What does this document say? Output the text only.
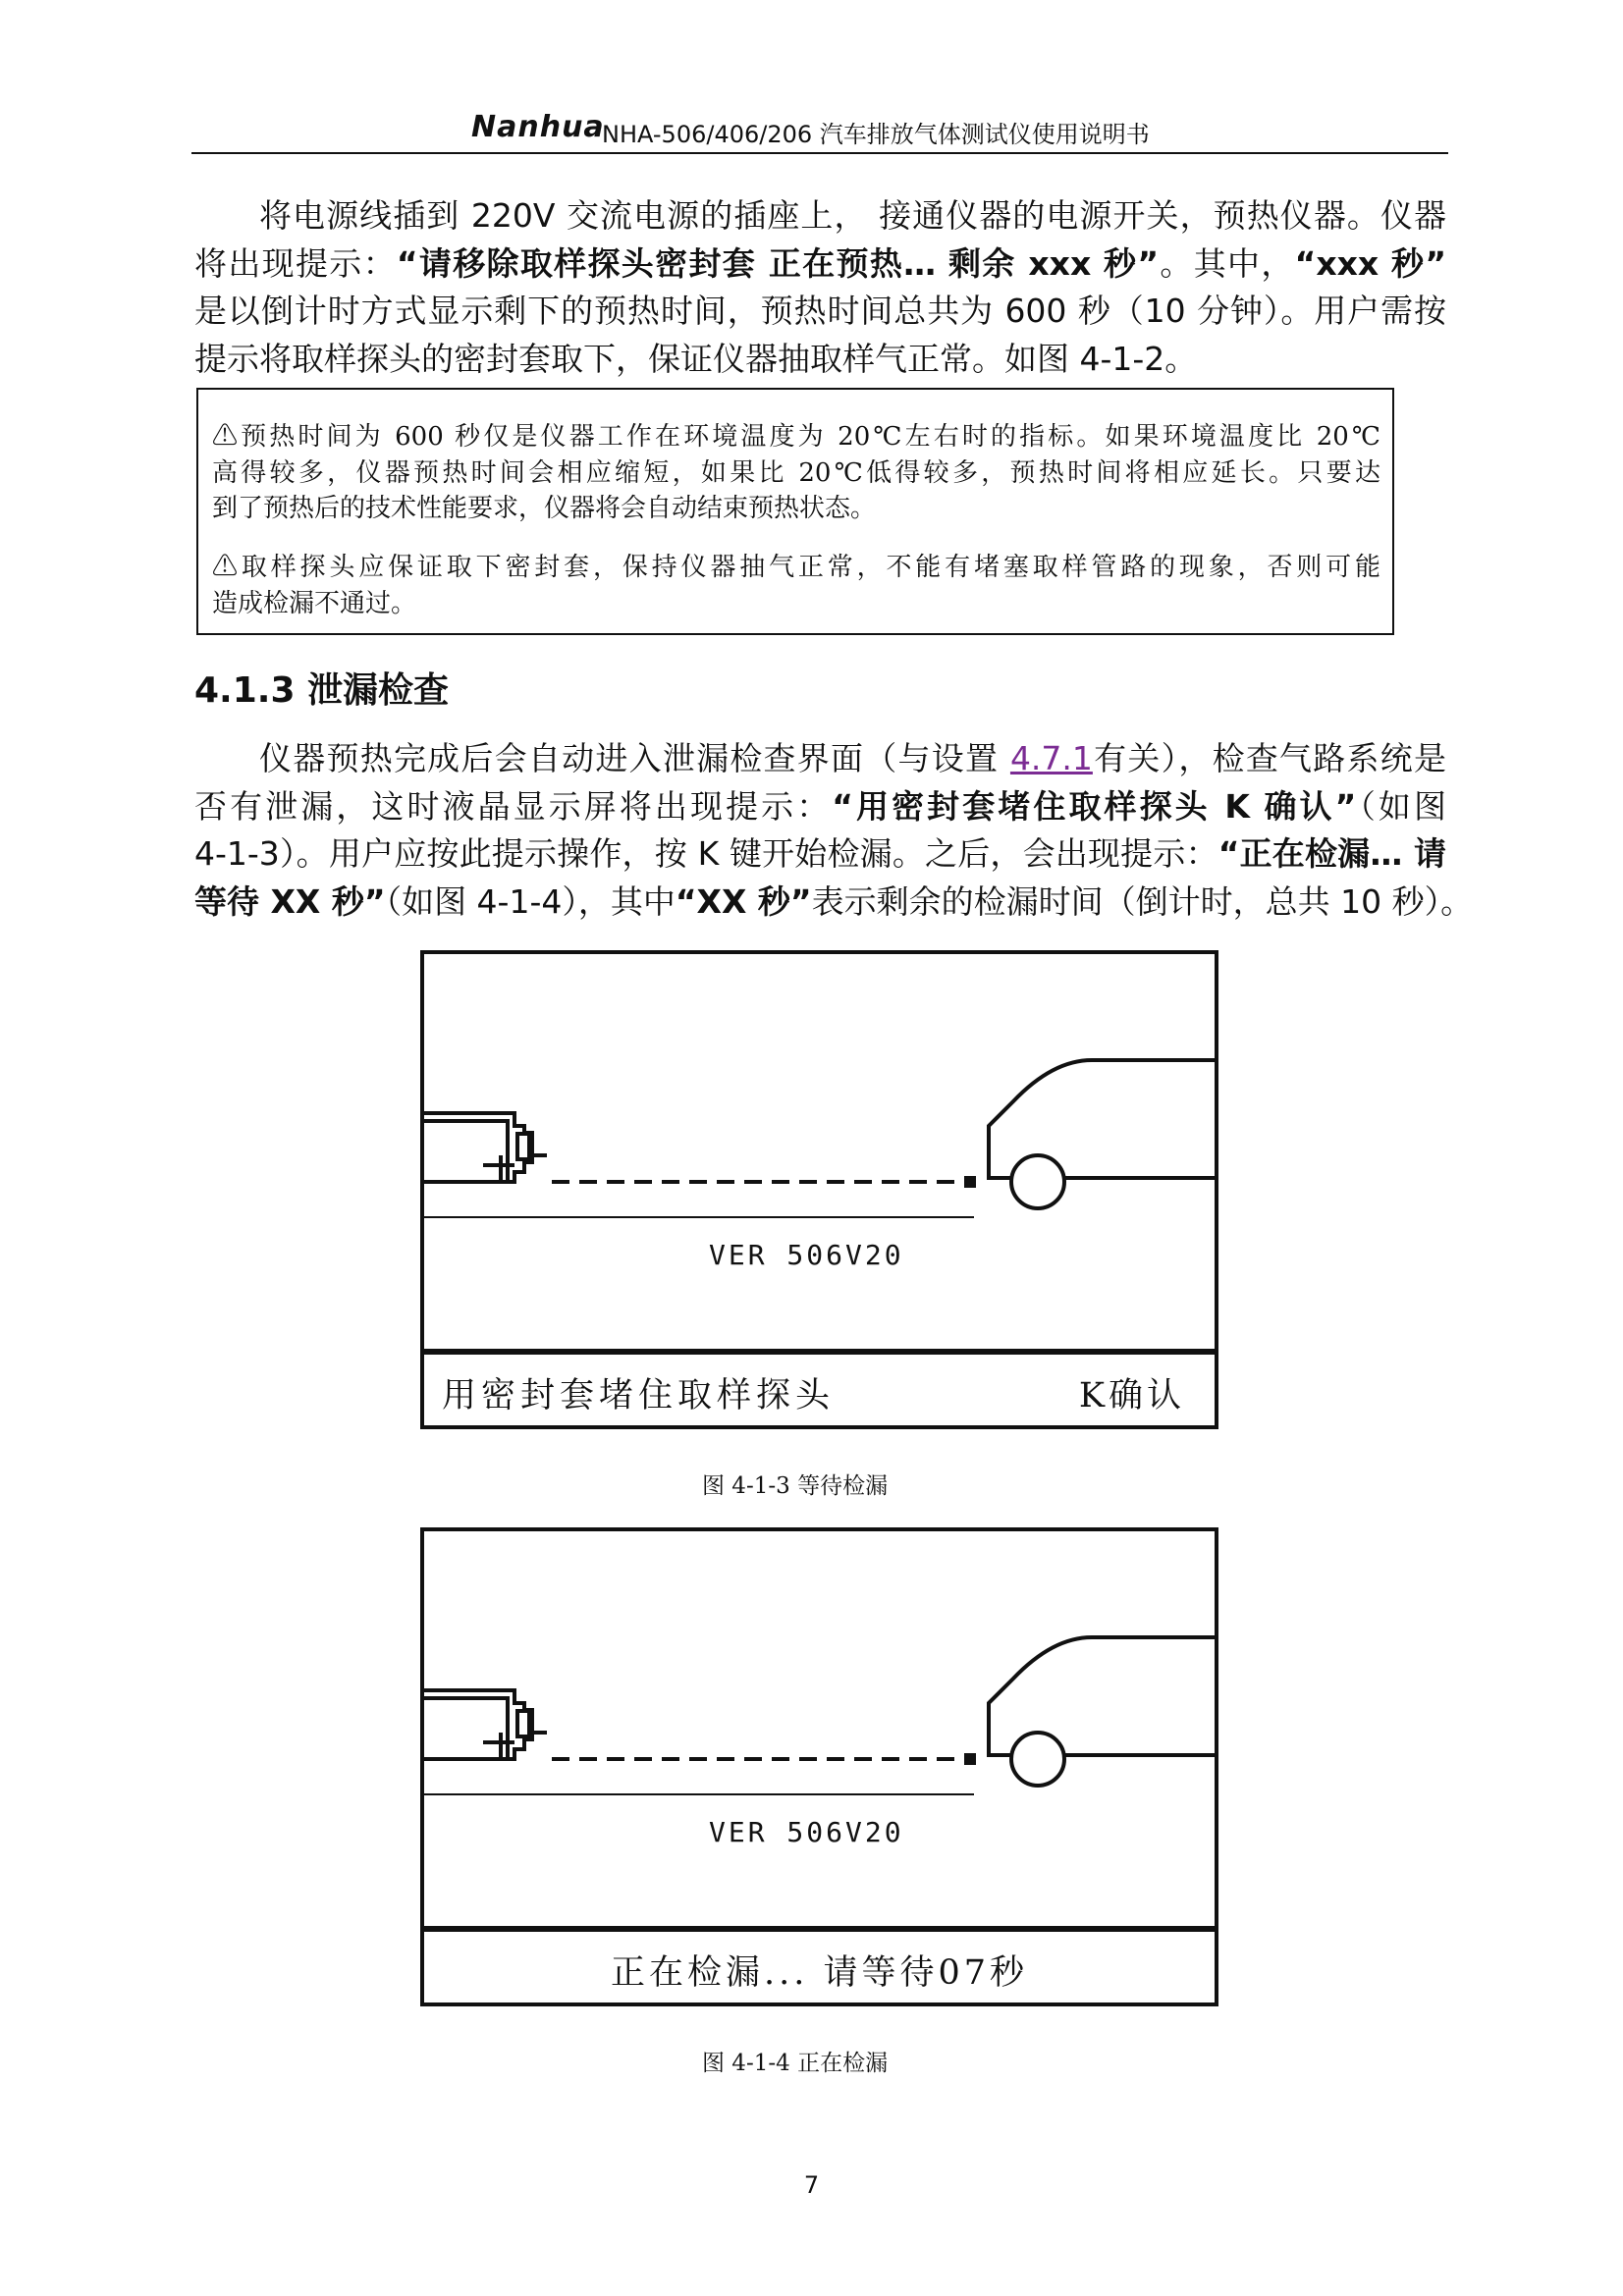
Nanhua
NHA-506/406/206 汽车排放气体测试仪使用说明书
将电源线插到 220V 交流电源的插座上， 接通仪器的电源开关，预热仪器。仪器
将出现提示：“请移除取样探头密封套 正在预热… 剩余 xxx 秒”。其中，“xxx 秒”
是以倒计时方式显示剩下的预热时间，预热时间总共为 600 秒（10 分钟）。用户需按
提示将取样探头的密封套取下，保证仪器抽取样气正常。如图 4-1-2。
⚠预热时间为 600 秒仅是仪器工作在环境温度为 20℃左右时的指标。如果环境温度比 20℃
高得较多，仪器预热时间会相应缩短，如果比 20℃低得较多，预热时间将相应延长。只要达
到了预热后的技术性能要求，仪器将会自动结束预热状态。
⚠取样探头应保证取下密封套，保持仪器抽气正常，不能有堵塞取样管路的现象，否则可能
造成检漏不通过。
4.1.3 泄漏检查
仪器预热完成后会自动进入泄漏检查界面（与设置 4.7.1有关），检查气路系统是
否有泄漏，这时液晶显示屏将出现提示：“用密封套堵住取样探头 K 确认”（如图
4-1-3）。用户应按此提示操作，按 K 键开始检漏。之后，会出现提示：“正在检漏… 请
等待 XX 秒”（如图 4-1-4），其中“XX 秒”表示剩余的检漏时间（倒计时，总共 10 秒）。
VER 506V20
用密封套堵住取样探头	K确认
图 4-1-3 等待检漏
VER 506V20
正在检漏... 请等待07秒
图 4-1-4 正在检漏
7
